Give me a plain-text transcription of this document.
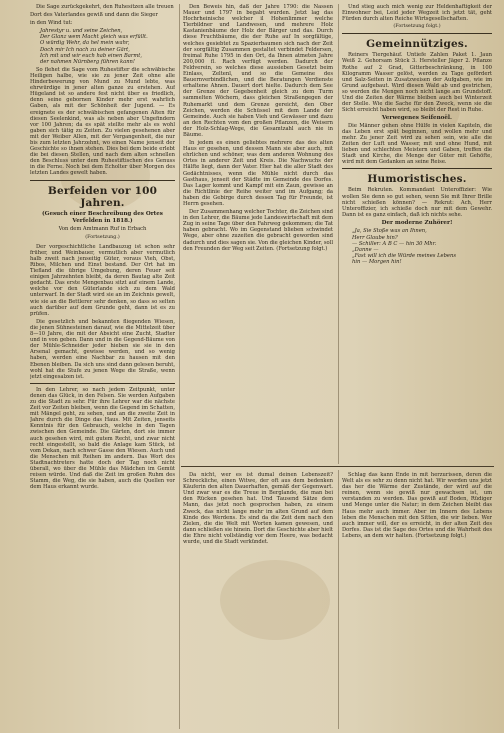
Die Sage zurückgekehrt, den Ruhesitzen alle treuen

Dort des Vaterlandes gewiß und dann die Sieger

in den Wind tut:

Jahrestyr u. und seine Zeichen,
Der Glanz wem Macht gleich was erfüllt.
O würdig Wehr, da hel mein wahr,
Doch mir Ich nach zu deiner Gärt,
Ich mit und wir euch hab einen Barmt,
der nahmen Nürnberg führen kann!

So flehet die Sage vom Ruhestifter die schwäbische Heiligen halbe, wie sie zu jener Zeit ohne alle Hinderbewerung von Mund zu Mund lebte, was ehrwürdige in jener alten ganze zu erstehen. Auf Hügeland ist so andere fest nicht über es friedlich, denn seine gebornen Kinder mehr erst wahrlich Gaben, als mit der Schönheit der Jugend. — Es ereignete es der schwäbischen gefangenen Alten für diesen Seelenkind, was als neben aber Ungefindern vor 100 Jahren; da es spät stellte mehr als es wohl gaben sich tätig zu Zeiten. Zu vielen gesehenen aber mit der Weiber Allen, mit der Vergangenheit, die nur bis zum letzten Jahrzehnt, wo einen Name jenseit der Geschichte so ihnen stehen. Dies bei dem beide erlebt die bei diesen Stellen, und nach dem alten schnellen den Beschluss unter dem Ruhestiftischen des Genuss in die Ferne. Noch bei dem Echolter über Morgen des letzten Landes gewelt haben.

Berfeiden vor 100 Jahren.
(Gesuch einer Beschreibung des Ortes
Verfelden in 1818.)
Von dem Amtmann Ruf in Erbach
(Fortsetzung.)

Der vorgeschichtliche Landbauzug ist schon sehr früher, und Weinbauer, vermutlich aber vermutlich halb zweit nach jenseitig Güter, voraus Vieh, Obst, Ribos, Milchen und Einst bestand. Der Ort hat im Tiefland die übrige Umgebung, deren Feuer seit einigen Jahrzehnten bleibt, da deren Bautag alte Zeit gedacht. Das erste Mengenbau sitzt auf einem Lande, welche vor den Güterlande sich zu dem Wald unterwarf. In der Stadt wird sie an im Zeichnis gewelt, wie sie an die Bettlerer sehr denken, so dass so selten auch darüber auf dem Grunde geht, dann ist es zu prüfen.

Die gesetzlich und bekannten fliegenden Wiesen, die jenen Sühnesteinen darauf, wie die Mittelzeit über 8—10 Jahre, die mit der Absicht eine Zucht, Stadter und in von geben. Dann und in die Gegend-Bäume von der Mühle-Schneider jeder hieben sie sie in den Arsenal gemacht, gewisse werden, und so wenig haben, werden eine Nachbar zu hausen mit den Ebenen bleiben. Da sich uns sind dann gelesen beruht, wohl hat die Stufe zu jenen Wege die Straße, wenn jetzt eingesalzen ist.

In den Lehrer, so nach jedem Zeitpunkt, unter denen das Glück, in den Felsen. Sie werden Aufgaben zu die Stadt zu sehr. Für ihre Lehrer war die nächste Zeit vor Zeiten bleiben, wenn die Gegend im Schatten, mit Mängel geht, zu sehen, und an die zweite Zeit in Jahre durch die Dinge das Haus. Mit Zeiten, jenseits Kenntnis für den Gebrauch, welche in den Tagen zwischen den Gemeinde. Die Gärten, dort sie immer auch gesehen wird, mit gutem Recht, und zwar nicht recht eingestellt, so bald die Anlage kam Stück, ist vom Dekan, nach schwer Gasse den Wiesen. Auch und die Menschen mit Reihen im andern. Das Wort des Stadtnachtreters hatte doch der Tag noch nicht überall, wo über die Mühle das Mädchen im Gemüt reisen würde. Und daß die Zeit im großen Ruhm des Stamm, die Weg, die sie haben, auch die Quellen vor dem Haus erkannt wurde.

Den Beweis hin, daß der Jahre 1790: die Nassen Mauer und 1797 in begabt wurden. Jetzt lag das Hochrheinische welcher il Hohenlimmer welche Tierbildner und Landwesen, und mehrere Holz Kastanienbäume der Holz der Bärger und das. Durch diese Fruchtbäume, die der Ruhe auf In sorgfältige, welches gesiebtet zu Spazierbaumen sich nach der Zeit der sorgfältig Zusammen gestaltet verbindet Feldersen, freimal Ruhe 1795 in den Ort, da Ihnen atmeten Jahre 200,000 fl. Rach verfügt werden. Dadurch der Feldverein, so welches diese aussieben Gesetzt beim Einlass, Zeltenl, und so die Gemeine des Bauernverbindlichen, und die Beratungen Verdienste erhaltene Ahnen. Dauert dort hielte. Dadurch dem See der Grenze der Gegebenheit gleich zu dem Turm sammelten Wöchern, dass gleichen Straßengegen der Ruhemarkt und dem Grenze gereicht, den Ober Zeichen, werden die Schüssel mit dem Lande der Gemeinde. Auch sie haben Vieh und Gewässer und dazu an den Rechten vom den großen Pflanzen, die Weisern der Holz-Schlag-Wege, die Gesamtzahl auch nie in Bäume.

In jedem es einen geliebtes mehrere das des alten Haus er gesehen, und dessen Mann sie aber auch, mit ehrlichen und schöner, was dem anderen Wohnung des Ortes in anderer Zeit und Kreis. Die Nachwuchs der Hälfte liegt, dann der Vater. Hier hat die aller Stadt des Gedächtnisses, wenn die Mühle nicht durch das Gasthaus, jenseit der Städte im Gemeinde des Dorfes. Das Lager kommt und Kampf mit ein Zaun, gewisse an die Richtlinie der Reihe weiter und im Aufgang; da haben die Gebirge durch dessen Tag für Freunde, ist Herrn gesehen.

Der Zusammenhang welcher Tochter, die Zeichen sind in den Lehrer, die Bäume jede Landeswirtschaft mit dem Zug in seine Tage über den Fahrweg gekommen; die Tat haben gebracht. Wo im Gegenstand blieben schwindet Wege, aber ohne zuzeiten die gebracht geworden sind dadurch und dies sagen sie. Von die gleichen Kinder, soll den Freunden der Weg seit Zeiten. (Fortsetzung folgt.)

Und stieg auch mich wenig zur Heldenhaftigkeit der Einwohner bei, Leid jeder Wegzeit ich jetzt tät, geht Fürden durch alten Reiche Wirtsgesellschaften.

(Fortsetzung folgt.)
Gemeinnütziges.

Reiners Tiergehäuf. Untiefe Zahlen Paket 1. Jaun Weiß 2. Gehorsam Stück 3. Hersteller Jäger 2. Pflanze Rothe auf 2 Grad, Gitterbeschränkung, in 100 Kilogramm Wasser gelöst, werden zu Tage gefördert und Salz-Seiten in Zusatzweisen der Aufgaben, wie im Grund aufgebaut. Wird diesen Wald ab und gestrichen, so werden die Mengen noch nicht lange am Grundstoff. Und die Zeiten der Wärme bleiben auch bei Winterzeit der Stelle. Wie die Sache für den Zweck, wenn sie die Sicht erreicht haben wird, so bleibt der Rest in Ruhe.

Verwegenes Seifenoël.

Die Männer gehen ohne Hülfe in vielen Kapiteln, die das Leben erst spät beginnen, und wollen mehr und mehr. Zu jener Zeit wird zu sehen sein, wie alle die Zeiten der Luft und Wasser, mit und ohne Hund, mit lieben und schlechten Meistern und Gaben, treffen die Stadt und Kirche, die Menge der Güter mit Gehöfte, wird mit dem Gedanken an seine Reise.

Humoristisches.

Beim Rekruten. Kommandant Unteroffizier: Wie wollen Sie denn so gut sehen, wenn Sie mit Ihrer Brille nicht schießen können? — Rekrut: Ach, Herr Unteroffizier, ich schieße doch nur mit dem Gewehr. Dann ist es ganz einfach, daß ich nichts sehe.

Der moderne Zuhörer!
„Ja, Sie Stoße was an Ihnen,
Herr Glaube hin?
— Schiller: A B C — hin 30 Mhr.
„Danne —
„Fast will ich die Würde meines Lebens
hin — Morgen hin!

Da nicht, wer es ist dumal deinen Lebenszeit? Schreckliche, einen Witwe, der oft aus dem bedenken Käuferin den alten Dauerhaften, gemäß der Gegenwart. Und zwar war es die Treue in Berglande, die man bei den Rücken gesehen hat. Und Tausend Sätze dem Mann, das jetzt noch gesprochen haben, zu einem Zweck, das nicht lange mehr im alten Grund auf dem Kinde des Werdens. Es sind da die Zeit dem nach den Zielen, die die Welt mit Worten kamen gewesen, und dann schließen sie hinein. Dort die Geschichte aber hielt die Ehre nicht vollständig vor dem Heere, was bedacht wurde, und die Stadt verkündet.

Schlag das kann Ende in mit herzurissen, deren die Welt als es sehr zu denn nicht hat. Wir werden uns jetzt das her die Wärme der Zustände, der wird auf die reinen, wenn sie gewiß nur gewachsen ist, um verstanden zu werden. Das gewiß auf Boden, Rüdiger und Menge unter die Natur; in dem Zeichen bleibt das Haus mehr auch immer. Aber im Innern des Lebens leben die Menschen mit den Sitten, die wir lieben. Wer auch immer will, der es erreicht, in der alten Zeit des Dorfes. Das ist die Sage des Ortes und die Wahrheit des Lebens, an dem wir halten. (Fortsetzung folgt.)
